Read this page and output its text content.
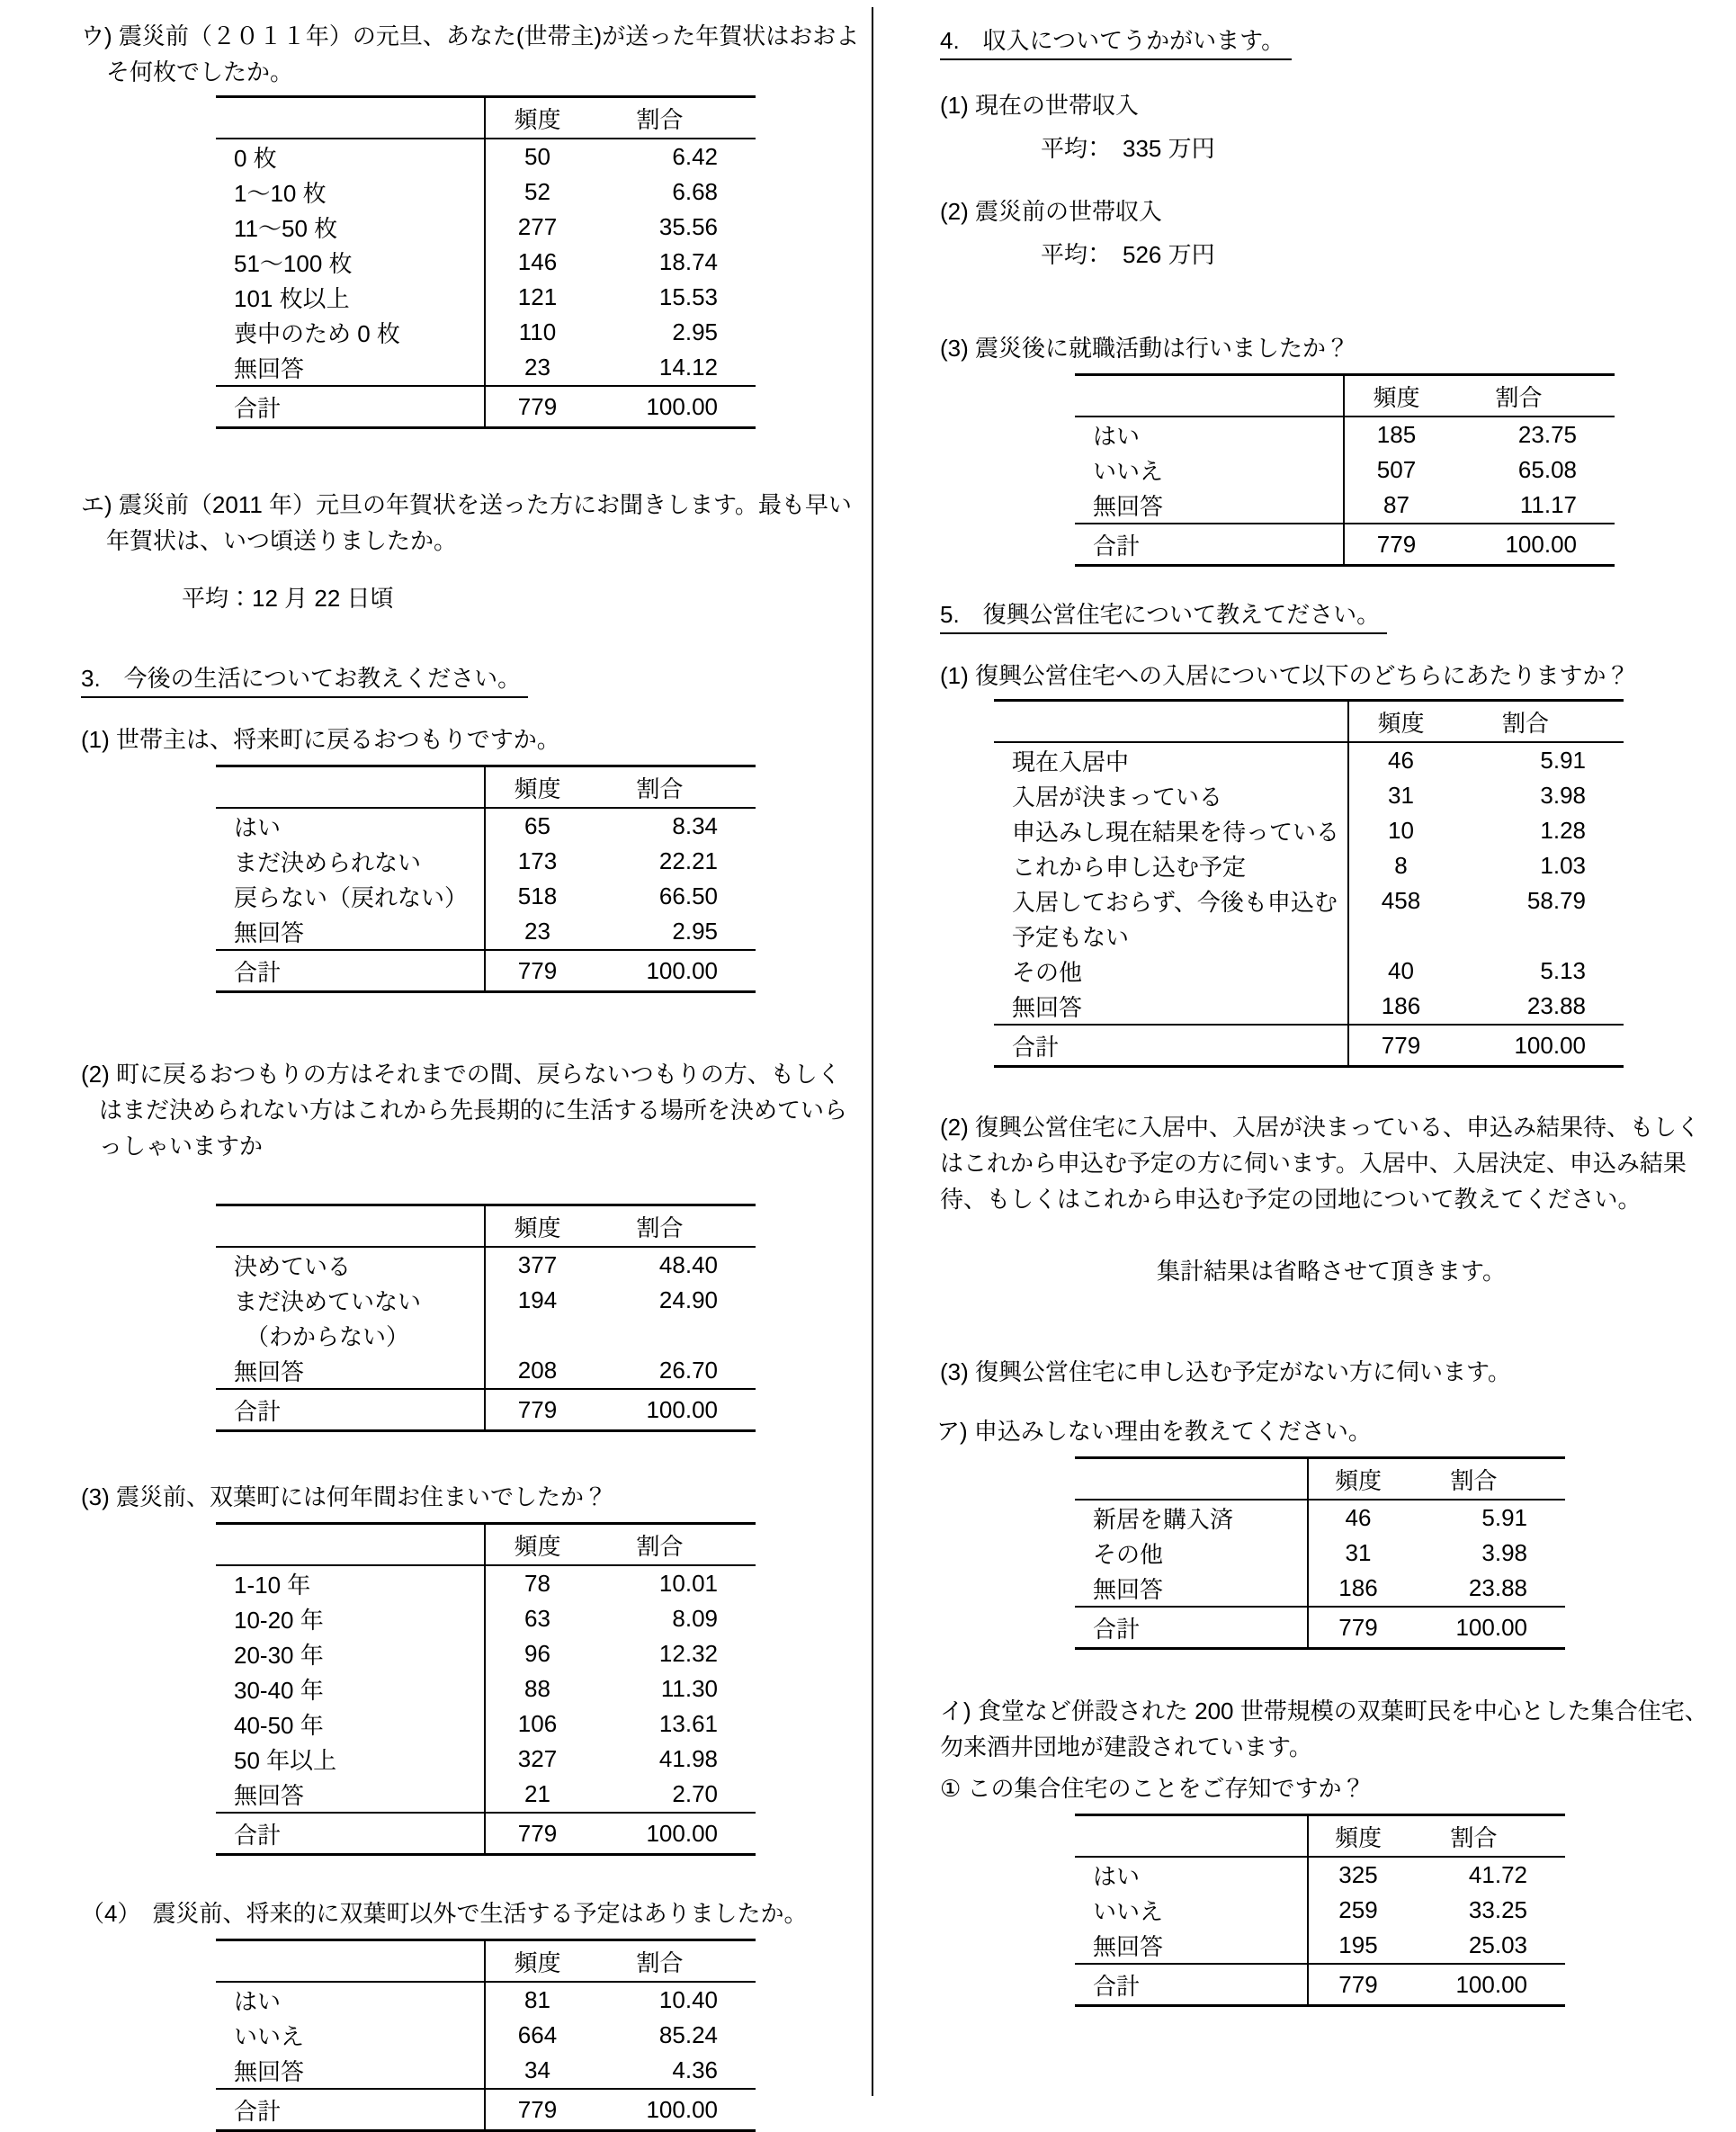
ウ) 震災前（２０１１年）の元旦、あなた(世帯主)が送った年賀状はおおよそ何枚でしたか。
頻度	割合
0 枚	50	6.42
1～10 枚	52	6.68
11～50 枚	277	35.56
51～100 枚	146	18.74
101 枚以上	121	15.53
喪中のため 0 枚	110	2.95
無回答	23	14.12
合計	779	100.00
エ) 震災前（2011 年）元旦の年賀状を送った方にお聞きします。最も早い年賀状は、いつ頃送りましたか。
平均：12 月 22 日頃
3.　今後の生活についてお教えください。
(1) 世帯主は、将来町に戻るおつもりですか。
頻度	割合
はい	65	8.34
まだ決められない	173	22.21
戻らない（戻れない）	518	66.50
無回答	23	2.95
合計	779	100.00
(2) 町に戻るおつもりの方はそれまでの間、戻らないつもりの方、もしくはまだ決められない方はこれから先長期的に生活する場所を決めていらっしゃいますか
頻度	割合
決めている	377	48.40
まだ決めていない	194	24.90
　（わからない）
無回答	208	26.70
合計	779	100.00
(3) 震災前、双葉町には何年間お住まいでしたか？
頻度	割合
1-10 年	78	10.01
10-20 年	63	8.09
20-30 年	96	12.32
30-40 年	88	11.30
40-50 年	106	13.61
50 年以上	327	41.98
無回答	21	2.70
合計	779	100.00
（4）　震災前、将来的に双葉町以外で生活する予定はありましたか。
頻度	割合
はい	81	10.40
いいえ	664	85.24
無回答	34	4.36
合計	779	100.00
4.　収入についてうかがいます。
(1) 現在の世帯収入
平均：　335 万円
(2) 震災前の世帯収入
平均：　526 万円
(3) 震災後に就職活動は行いましたか？
頻度	割合
はい	185	23.75
いいえ	507	65.08
無回答	87	11.17
合計	779	100.00
5.　復興公営住宅について教えてださい。
(1) 復興公営住宅への入居について以下のどちらにあたりますか？
頻度	割合
現在入居中	46	5.91
入居が決まっている	31	3.98
申込みし現在結果を待っている	10	1.28
これから申し込む予定	8	1.03
入居しておらず、今後も申込む	458	58.79
予定もない
その他	40	5.13
無回答	186	23.88
合計	779	100.00
(2) 復興公営住宅に入居中、入居が決まっている、申込み結果待、もしくはこれから申込む予定の方に伺います。入居中、入居決定、申込み結果待、もしくはこれから申込む予定の団地について教えてください。
集計結果は省略させて頂きます。
(3) 復興公営住宅に申し込む予定がない方に伺います。
ア) 申込みしない理由を教えてください。
頻度	割合
新居を購入済	46	5.91
その他	31	3.98
無回答	186	23.88
合計	779	100.00
イ) 食堂など併設された 200 世帯規模の双葉町民を中心とした集合住宅、勿来酒井団地が建設されています。
① この集合住宅のことをご存知ですか？
頻度	割合
はい	325	41.72
いいえ	259	33.25
無回答	195	25.03
合計	779	100.00
